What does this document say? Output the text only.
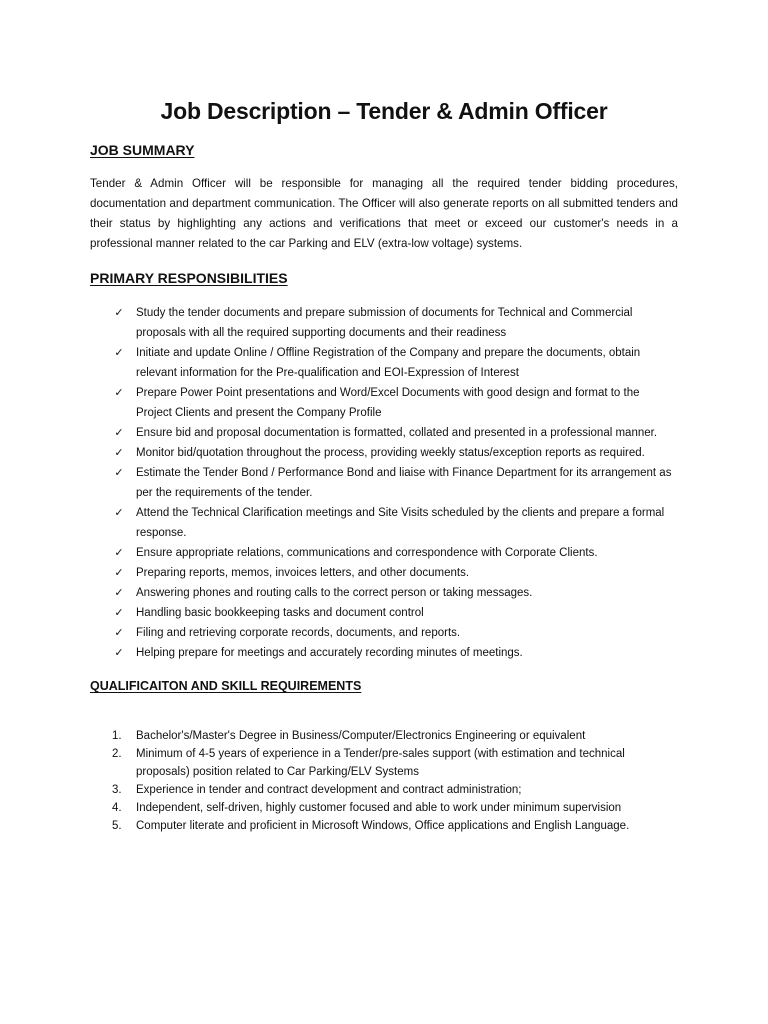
Job Description – Tender & Admin Officer
JOB SUMMARY

Tender & Admin Officer will be responsible for managing all the required tender bidding procedures, documentation and department communication. The Officer will also generate reports on all submitted tenders and their status by highlighting any actions and verifications that meet or exceed our customer's needs in a professional manner related to the car Parking and ELV (extra-low voltage) systems.

PRIMARY RESPONSIBILITIES
✓ Study the tender documents and prepare submission of documents for Technical and Commercial proposals with all the required supporting documents and their readiness
✓ Initiate and update Online / Offline Registration of the Company and prepare the documents, obtain relevant information for the Pre-qualification and EOI-Expression of Interest
✓ Prepare Power Point presentations and Word/Excel Documents with good design and format to the Project Clients and present the Company Profile
✓ Ensure bid and proposal documentation is formatted, collated and presented in a professional manner.
✓ Monitor bid/quotation throughout the process, providing weekly status/exception reports as required.
✓ Estimate the Tender Bond / Performance Bond and liaise with Finance Department for its arrangement as per the requirements of the tender.
✓ Attend the Technical Clarification meetings and Site Visits scheduled by the clients and prepare a formal response.
✓ Ensure appropriate relations, communications and correspondence with Corporate Clients.
✓ Preparing reports, memos, invoices letters, and other documents.
✓ Answering phones and routing calls to the correct person or taking messages.
✓ Handling basic bookkeeping tasks and document control
✓ Filing and retrieving corporate records, documents, and reports.
✓ Helping prepare for meetings and accurately recording minutes of meetings.
QUALIFICAITON AND SKILL REQUIREMENTS
1. Bachelor's/Master's Degree in Business/Computer/Electronics Engineering or equivalent
2. Minimum of 4-5 years of experience in a Tender/pre-sales support (with estimation and technical proposals) position related to Car Parking/ELV Systems
3. Experience in tender and contract development and contract administration;
4. Independent, self-driven, highly customer focused and able to work under minimum supervision
5. Computer literate and proficient in Microsoft Windows, Office applications and English Language.
